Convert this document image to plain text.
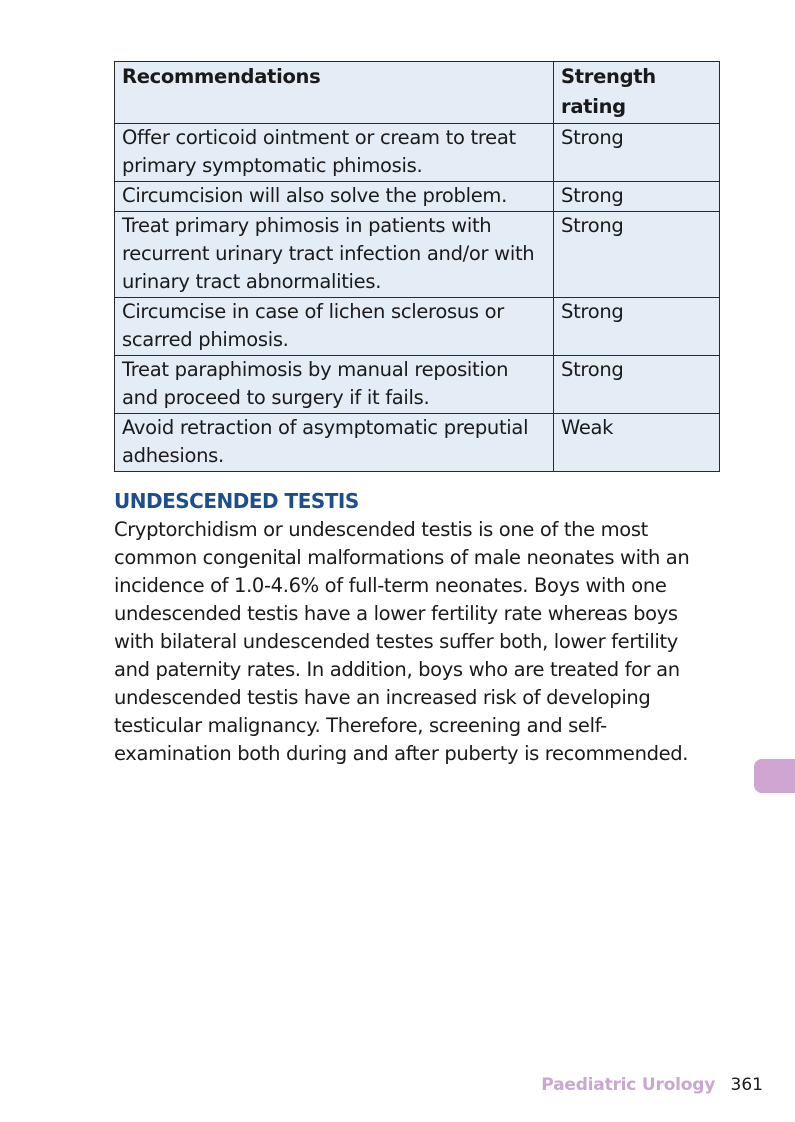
Recommendations	Strength rating
Offer corticoid ointment or cream to treat primary symptomatic phimosis.	Strong
Circumcision will also solve the problem.	Strong
Treat primary phimosis in patients with recurrent urinary tract infection and/or with urinary tract abnormalities.	Strong
Circumcise in case of lichen sclerosus or scarred phimosis.	Strong
Treat paraphimosis by manual reposition and proceed to surgery if it fails.	Strong
Avoid retraction of asymptomatic preputial adhesions.	Weak
UNDESCENDED TESTIS

Cryptorchidism or undescended testis is one of the most common congenital malformations of male neonates with an incidence of 1.0-4.6% of full-term neonates. Boys with one undescended testis have a lower fertility rate whereas boys with bilateral undescended testes suffer both, lower fertility and paternity rates. In addition, boys who are treated for an undescended testis have an increased risk of developing testicular malignancy. Therefore, screening and self-examination both during and after puberty is recommended.

Paediatric Urology 361
